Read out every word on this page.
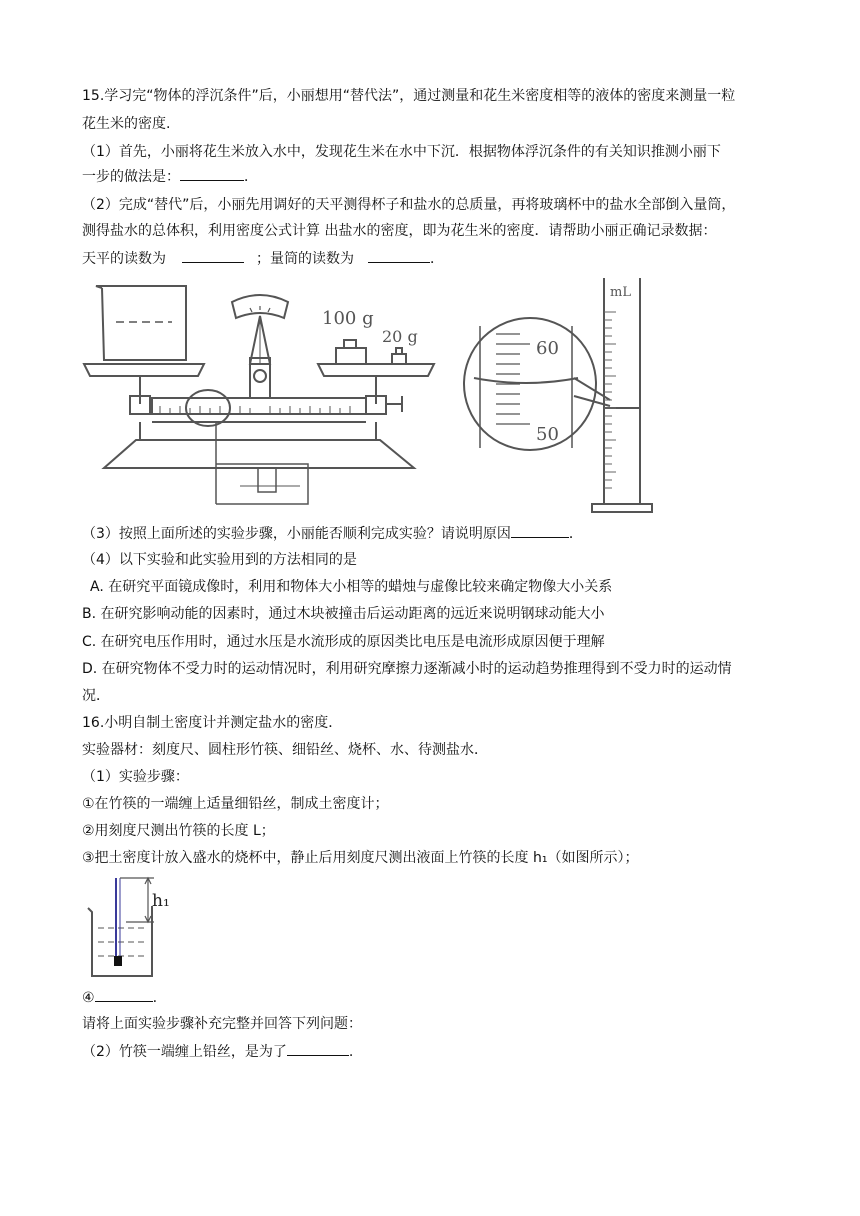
15.学习完“物体的浮沉条件”后，小丽想用“替代法”，通过测量和花生米密度相等的液体的密度来测量一粒
花生米的密度.
（1）首先，小丽将花生米放入水中，发现花生米在水中下沉．根据物体浮沉条件的有关知识推测小丽下
一步的做法是：	．
（2）完成“替代”后，小丽先用调好的天平测得杯子和盐水的总质量，再将玻璃杯中的盐水全部倒入量筒，
测得盐水的总体积，利用密度公式计算 出盐水的密度，即为花生米的密度．请帮助小丽正确记录数据：
天平的读数为	；量筒的读数为	．
100 g
20 g
60
50
mL
（3）按照上面所述的实验步骤，小丽能否顺利完成实验？请说明原因	．
（4）以下实验和此实验用到的方法相同的是
A. 在研究平面镜成像时，利用和物体大小相等的蜡烛与虚像比较来确定物像大小关系
B. 在研究影响动能的因素时，通过木块被撞击后运动距离的远近来说明钢球动能大小
C. 在研究电压作用时，通过水压是水流形成的原因类比电压是电流形成原因便于理解
D. 在研究物体不受力时的运动情况时，利用研究摩擦力逐渐减小时的运动趋势推理得到不受力时的运动情
况．
16.小明自制土密度计并测定盐水的密度．
实验器材：刻度尺、圆柱形竹筷、细铅丝、烧杯、水、待测盐水．
（1）实验步骤：
①在竹筷的一端缠上适量细铅丝，制成土密度计；
②用刻度尺测出竹筷的长度 L；
③把土密度计放入盛水的烧杯中，静止后用刻度尺测出液面上竹筷的长度 h₁（如图所示）；
h₁
④	.
请将上面实验步骤补充完整并回答下列问题：
（2）竹筷一端缠上铅丝，是为了	.
